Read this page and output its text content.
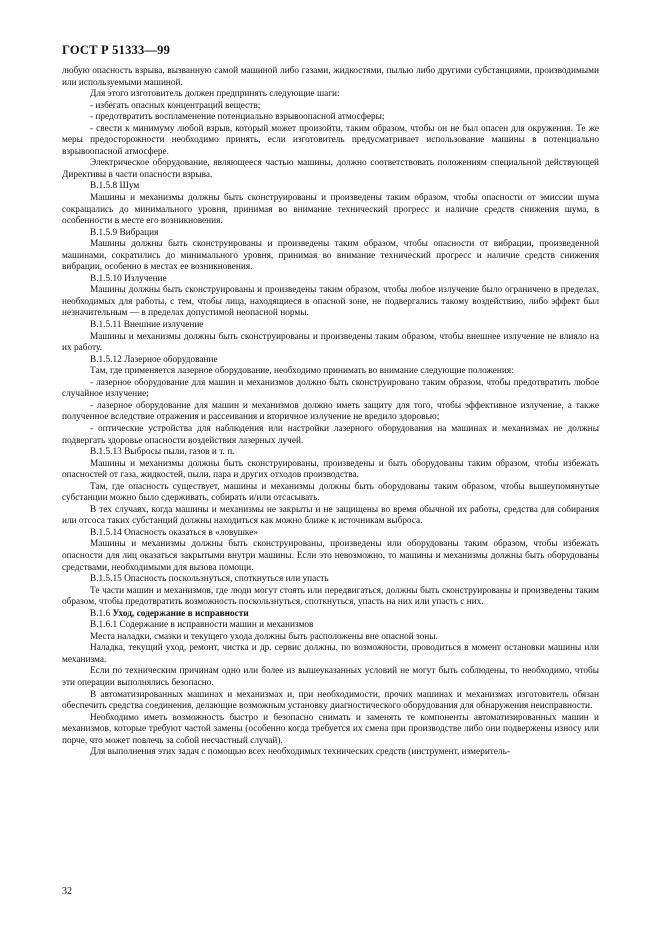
ГОСТ Р 51333—99

любую опасность взрыва, вызванную самой машиной либо газами, жидкостями, пылью либо другими субстанциями, производимыми или используемыми машиной.

Для этого изготовитель должен предпринять следующие шаги:

- избегать опасных концентраций веществ;

- предотвратить воспламенение потенциально взрывоопасной атмосферы;

- свести к минимуму любой взрыв, который может произойти, таким образом, чтобы он не был опасен для окружения. Те же меры предосторожности необходимо принять, если изготовитель предусматривает использование машины в потенциально взрывоопасной атмосфере.

Электрическое оборудование, являющееся частью машины, должно соответствовать положениям специальной действующей Директивы в части опасности взрыва.

В.1.5.8 Шум

Машины и механизмы должны быть сконструированы и произведены таким образом, чтобы опасности от эмиссии шума сокращались до минимального уровня, принимая во внимание технический прогресс и наличие средств снижения шума, в особенности в месте его возникновения.

В.1.5.9 Вибрация

Машины должны быть сконструированы и произведены таким образом, чтобы опасности от вибрации, произведенной машинами, сократились до минимального уровня, принимая во внимание технический прогресс и наличие средств снижения вибрации, особенно в местах ее возникновения.

В.1.5.10 Излучение

Машины должны быть сконструированы и произведены таким образом, чтобы любое излучение было ограничено в пределах, необходимых для работы, с тем, чтобы лица, находящиеся в опасной зоне, не подвергались такому воздействию, либо эффект был незначительным — в пределах допустимой неопасной нормы.

В.1.5.11 Внешние излучение

Машины и механизмы должны быть сконструированы и произведены таким образом, чтобы внешнее излучение не влияло на их работу.

В.1.5.12 Лазерное оборудование

Там, где применяется лазерное оборудование, необходимо принимать во внимание следующие положения:

- лазерное оборудование для машин и механизмов должно быть сконструировано таким образом, чтобы предотвратить любое случайное излучение;

- лазерное оборудование для машин и механизмов должно иметь защиту для того, чтобы эффективное излучение, а также полученное вследствие отражения и рассеивания и вторичное излучение не вредило здоровью;

- оптические устройства для наблюдения или настройки лазерного оборудования на машинах и механизмах не должны подвергать здоровье опасности воздействия лазерных лучей.

В.1.5.13 Выбросы пыли, газов и т. п.

Машины и механизмы должны быть сконструированы, произведены и быть оборудованы таким образом, чтобы избежать опасностей от газа, жидкостей, пыли, пара и других отходов производства.

Там, где опасность существует, машины и механизмы должны быть оборудованы таким образом, чтобы вышеупомянутые субстанции можно было сдерживать, собирать и/или отсасывать.

В тех случаях, когда машины и механизмы не закрыты и не защищены во время обычной их работы, средства для собирания или отсоса таких субстанций должны находиться как можно ближе к источникам выброса.

В.1.5.14 Опасность оказаться в «ловушке»

Машины и механизмы должны быть сконструированы, произведены или оборудованы таким образом, чтобы избежать опасности для лиц оказаться закрытыми внутри машины. Если это невозможно, то машины и механизмы должны быть оборудованы средствами, необходимыми для вызова помощи.

В.1.5.15 Опасность поскользнуться, споткнуться или упасть

Те части машин и механизмов, где люди могут стоять или передвигаться, должны быть сконструированы и произведены таким образом, чтобы предотвратить возможность поскользнуться, споткнуться, упасть на них или упасть с них.

В.1.6 Уход, содержание в исправности

В.1.6.1 Содержание в исправности машин и механизмов

Места наладки, смазки и текущего ухода должны быть расположены вне опасной зоны.

Наладка, текущий уход, ремонт, чистка и др. сервис должны, по возможности, проводиться в момент остановки машины или механизма.

Если по техническим причинам одно или более из вышеуказанных условий не могут быть соблюдены, то необходимо, чтобы эти операции выполнялись безопасно.

В автоматизированных машинах и механизмах и, при необходимости, прочих машинах и механизмах изготовитель обязан обеспечить средства соединения, делающие возможным установку диагностического оборудования для обнаружения неисправности.

Необходимо иметь возможность быстро и безопасно снимать и заменять те компоненты автоматизированных машин и механизмов, которые требуют частой замены (особенно когда требуется их смена при производстве либо они подвержены износу или порче, что может повлечь за собой несчастный случай).

Для выполнения этих задач с помощью всех необходимых технических средств (инструмент, измеритель-

32
